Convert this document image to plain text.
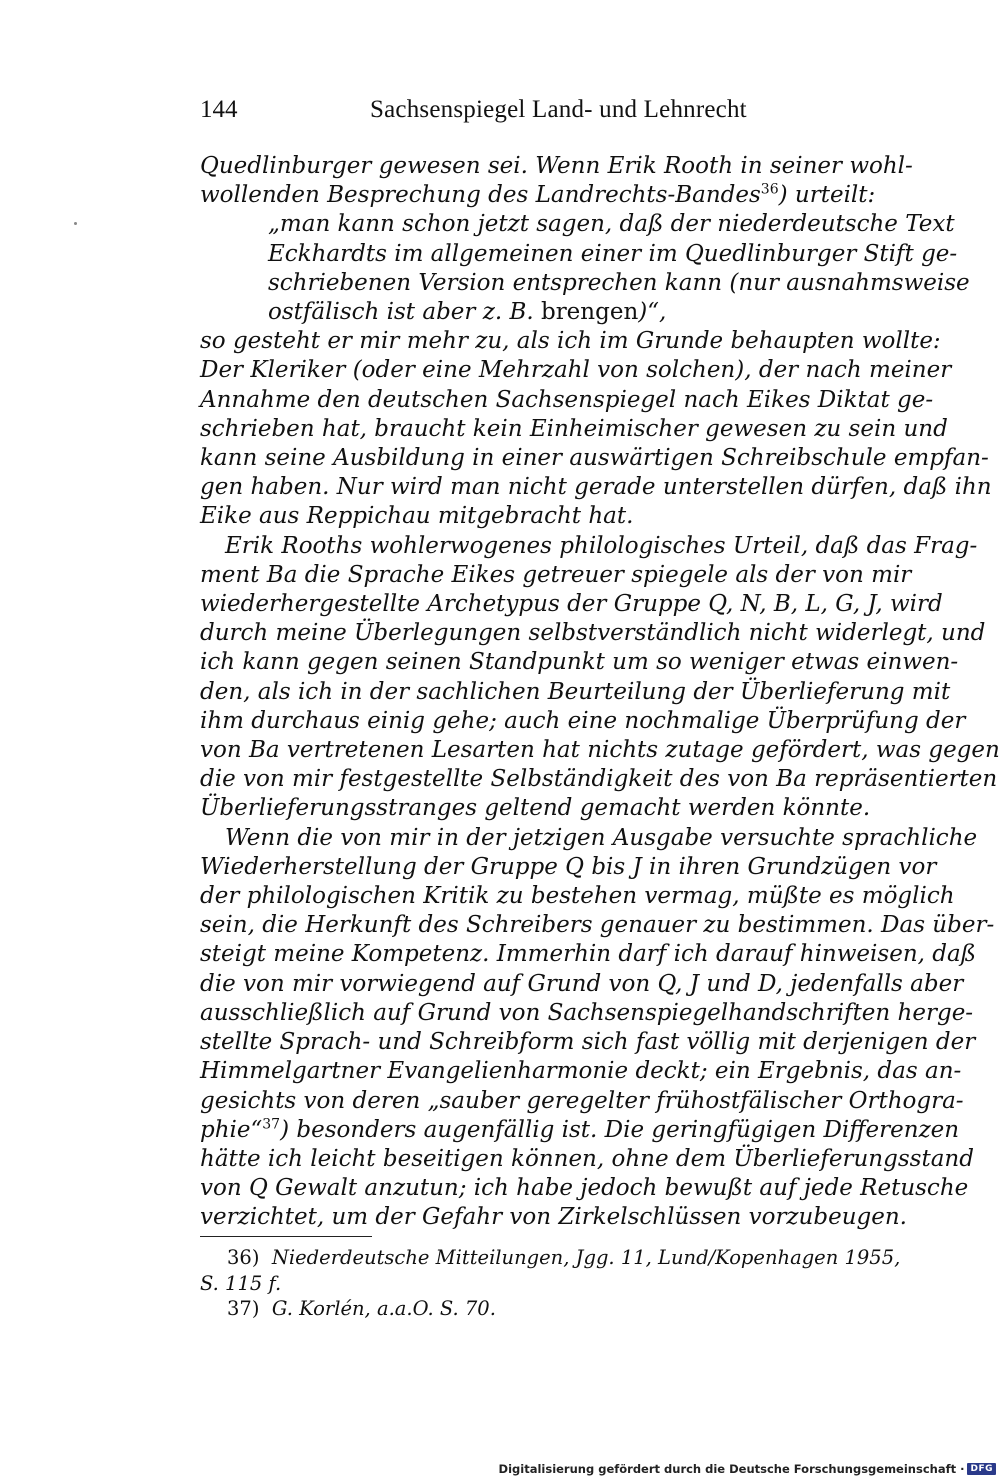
144	Sachsenspiegel Land- und Lehnrecht
Quedlinburger gewesen sei. Wenn Erik Rooth in seiner wohl-
wollenden Besprechung des Landrechts-Bandes$^{36}$) urteilt:
„man kann schon jetzt sagen, daß der niederdeutsche Text
Eckhardts im allgemeinen einer im Quedlinburger Stift ge-
schriebenen Version entsprechen kann (nur ausnahmsweise
ostfälisch ist aber z. B. brengen)“,
so gesteht er mir mehr zu, als ich im Grunde behaupten wollte:
Der Kleriker (oder eine Mehrzahl von solchen), der nach meiner
Annahme den deutschen Sachsenspiegel nach Eikes Diktat ge-
schrieben hat, braucht kein Einheimischer gewesen zu sein und
kann seine Ausbildung in einer auswärtigen Schreibschule empfan-
gen haben. Nur wird man nicht gerade unterstellen dürfen, daß ihn
Eike aus Reppichau mitgebracht hat.
Erik Rooths wohlerwogenes philologisches Urteil, daß das Frag-
ment Ba die Sprache Eikes getreuer spiegele als der von mir
wiederhergestellte Archetypus der Gruppe Q, N, B, L, G, J, wird
durch meine Überlegungen selbstverständlich nicht widerlegt, und
ich kann gegen seinen Standpunkt um so weniger etwas einwen-
den, als ich in der sachlichen Beurteilung der Überlieferung mit
ihm durchaus einig gehe; auch eine nochmalige Überprüfung der
von Ba vertretenen Lesarten hat nichts zutage gefördert, was gegen
die von mir festgestellte Selbständigkeit des von Ba repräsentierten
Überlieferungsstranges geltend gemacht werden könnte.
Wenn die von mir in der jetzigen Ausgabe versuchte sprachliche
Wiederherstellung der Gruppe Q bis J in ihren Grundzügen vor
der philologischen Kritik zu bestehen vermag, müßte es möglich
sein, die Herkunft des Schreibers genauer zu bestimmen. Das über-
steigt meine Kompetenz. Immerhin darf ich darauf hinweisen, daß
die von mir vorwiegend auf Grund von Q, J und D, jedenfalls aber
ausschließlich auf Grund von Sachsenspiegelhandschriften herge-
stellte Sprach- und Schreibform sich fast völlig mit derjenigen der
Himmelgartner Evangelienharmonie deckt; ein Ergebnis, das an-
gesichts von deren „sauber geregelter frühostfälischer Orthogra-
phie“$^{37}$) besonders augenfällig ist. Die geringfügigen Differenzen
hätte ich leicht beseitigen können, ohne dem Überlieferungsstand
von Q Gewalt anzutun; ich habe jedoch bewußt auf jede Retusche
verzichtet, um der Gefahr von Zirkelschlüssen vorzubeugen.
36) Niederdeutsche Mitteilungen, Jgg. 11, Lund/Kopenhagen 1955,
S. 115 f.
37) G. Korlén, a.a.O. S. 70.
Digitalisierung gefördert durch die Deutsche Forschungsgemeinschaft · DFG
